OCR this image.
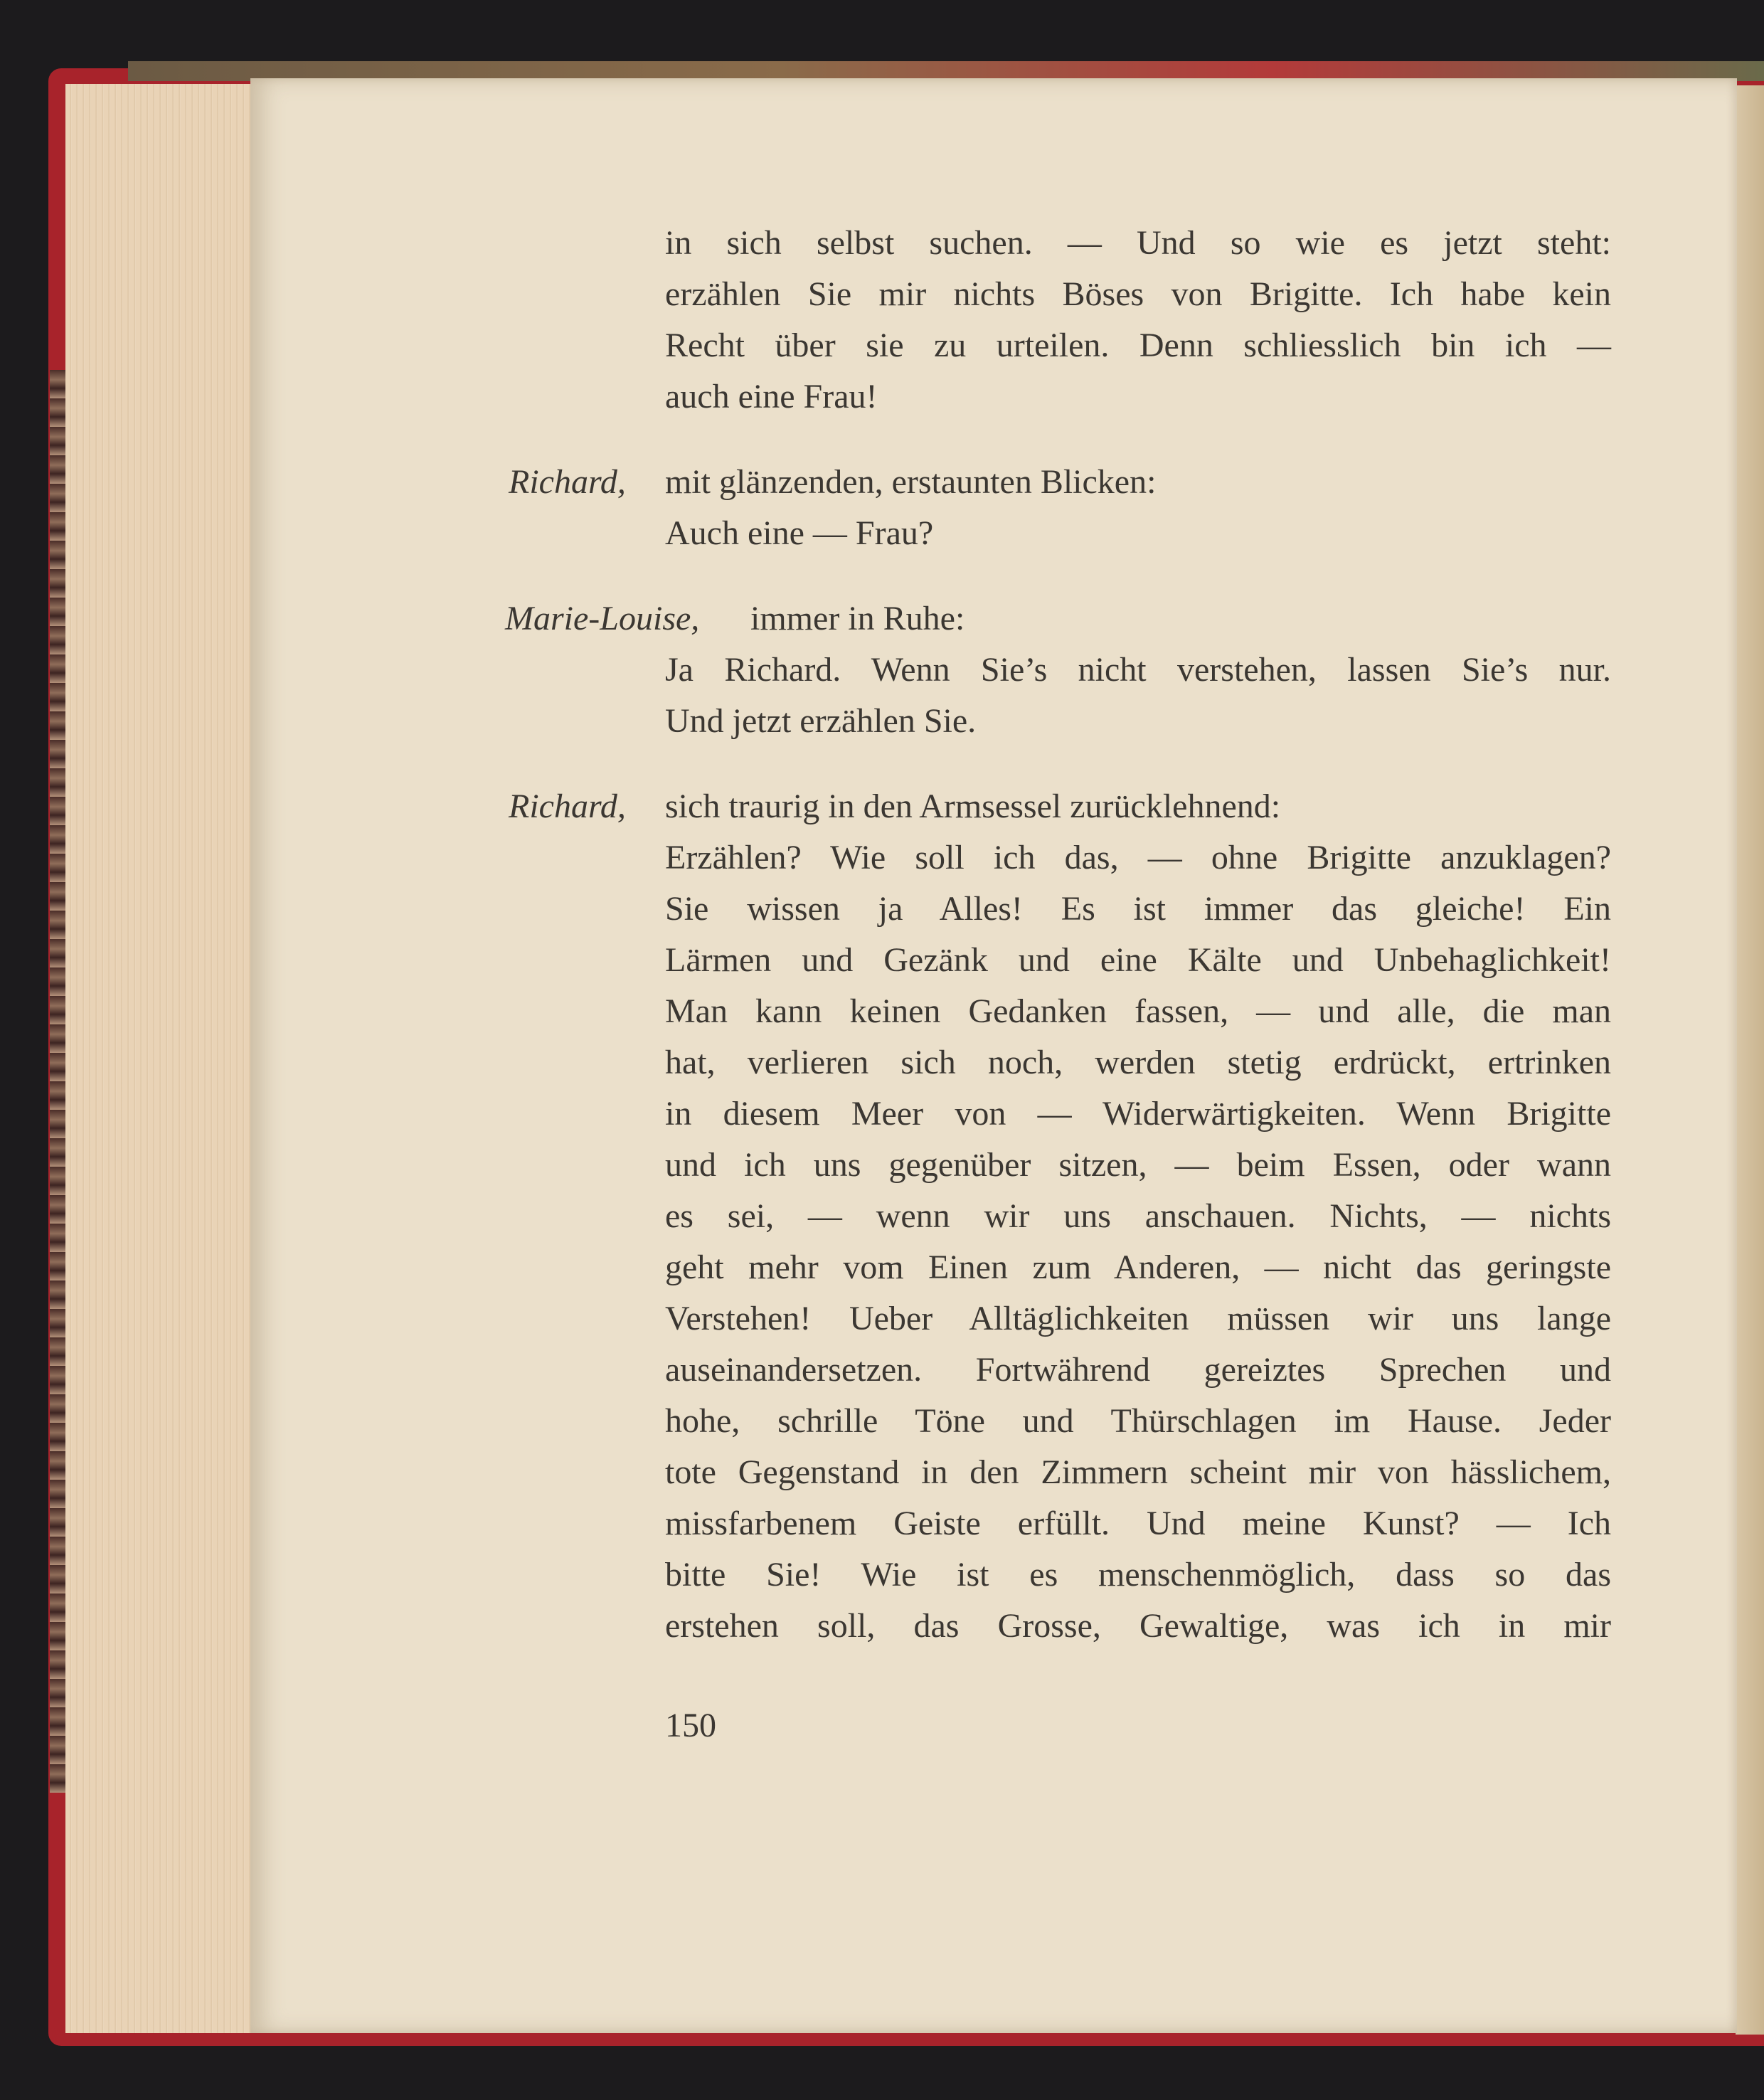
in sich selbst suchen. — Und so wie es jetzt steht:
erzählen Sie mir nichts Böses von Brigitte. Ich habe kein
Recht über sie zu urteilen. Denn schliesslich bin ich —
auch eine Frau!
Richard, mit glänzenden, erstaunten Blicken:
Auch eine — Frau?
Marie-Louise, immer in Ruhe:
Ja Richard. Wenn Sie’s nicht verstehen, lassen Sie’s nur.
Und jetzt erzählen Sie.
Richard, sich traurig in den Armsessel zurücklehnend:
Erzählen? Wie soll ich das, — ohne Brigitte anzuklagen?
Sie wissen ja Alles! Es ist immer das gleiche! Ein
Lärmen und Gezänk und eine Kälte und Unbehaglichkeit!
Man kann keinen Gedanken fassen, — und alle, die man
hat, verlieren sich noch, werden stetig erdrückt, ertrinken
in diesem Meer von — Widerwärtigkeiten. Wenn Brigitte
und ich uns gegenüber sitzen, — beim Essen, oder wann
es sei, — wenn wir uns anschauen. Nichts, — nichts
geht mehr vom Einen zum Anderen, — nicht das geringste
Verstehen! Ueber Alltäglichkeiten müssen wir uns lange
auseinandersetzen. Fortwährend gereiztes Sprechen und
hohe, schrille Töne und Thürschlagen im Hause. Jeder
tote Gegenstand in den Zimmern scheint mir von hässlichem,
missfarbenem Geiste erfüllt. Und meine Kunst? — Ich
bitte Sie! Wie ist es menschenmöglich, dass so das
erstehen soll, das Grosse, Gewaltige, was ich in mir
150
